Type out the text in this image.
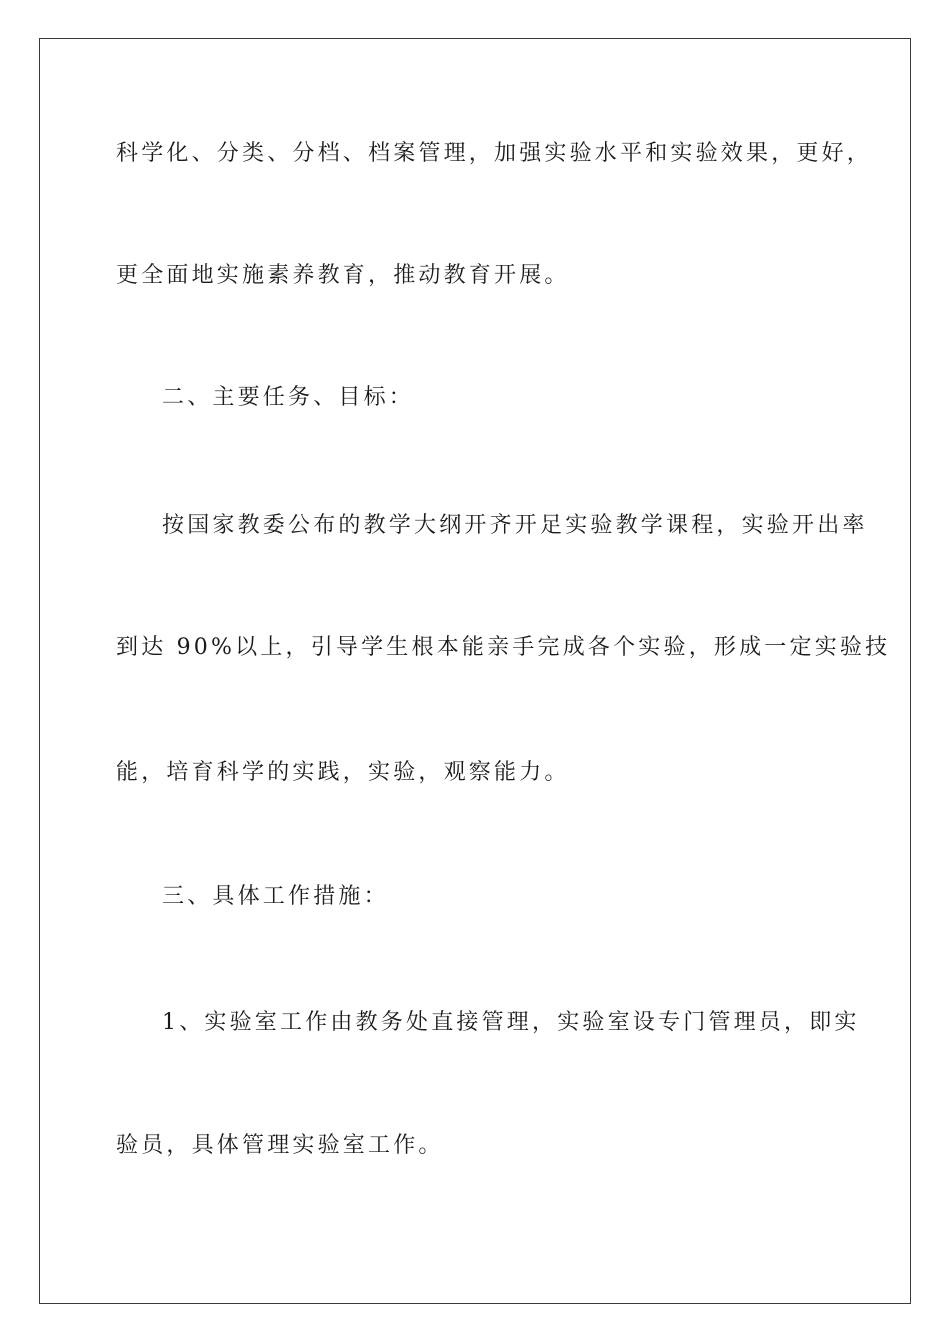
科学化、分类、分档、档案管理，加强实验水平和实验效果，更好，
更全面地实施素养教育，推动教育开展。
二、主要任务、目标：
按国家教委公布的教学大纲开齐开足实验教学课程，实验开出率
到达 90%以上，引导学生根本能亲手完成各个实验，形成一定实验技
能，培育科学的实践，实验，观察能力。
三、具体工作措施：
1、实验室工作由教务处直接管理，实验室设专门管理员，即实
验员，具体管理实验室工作。
